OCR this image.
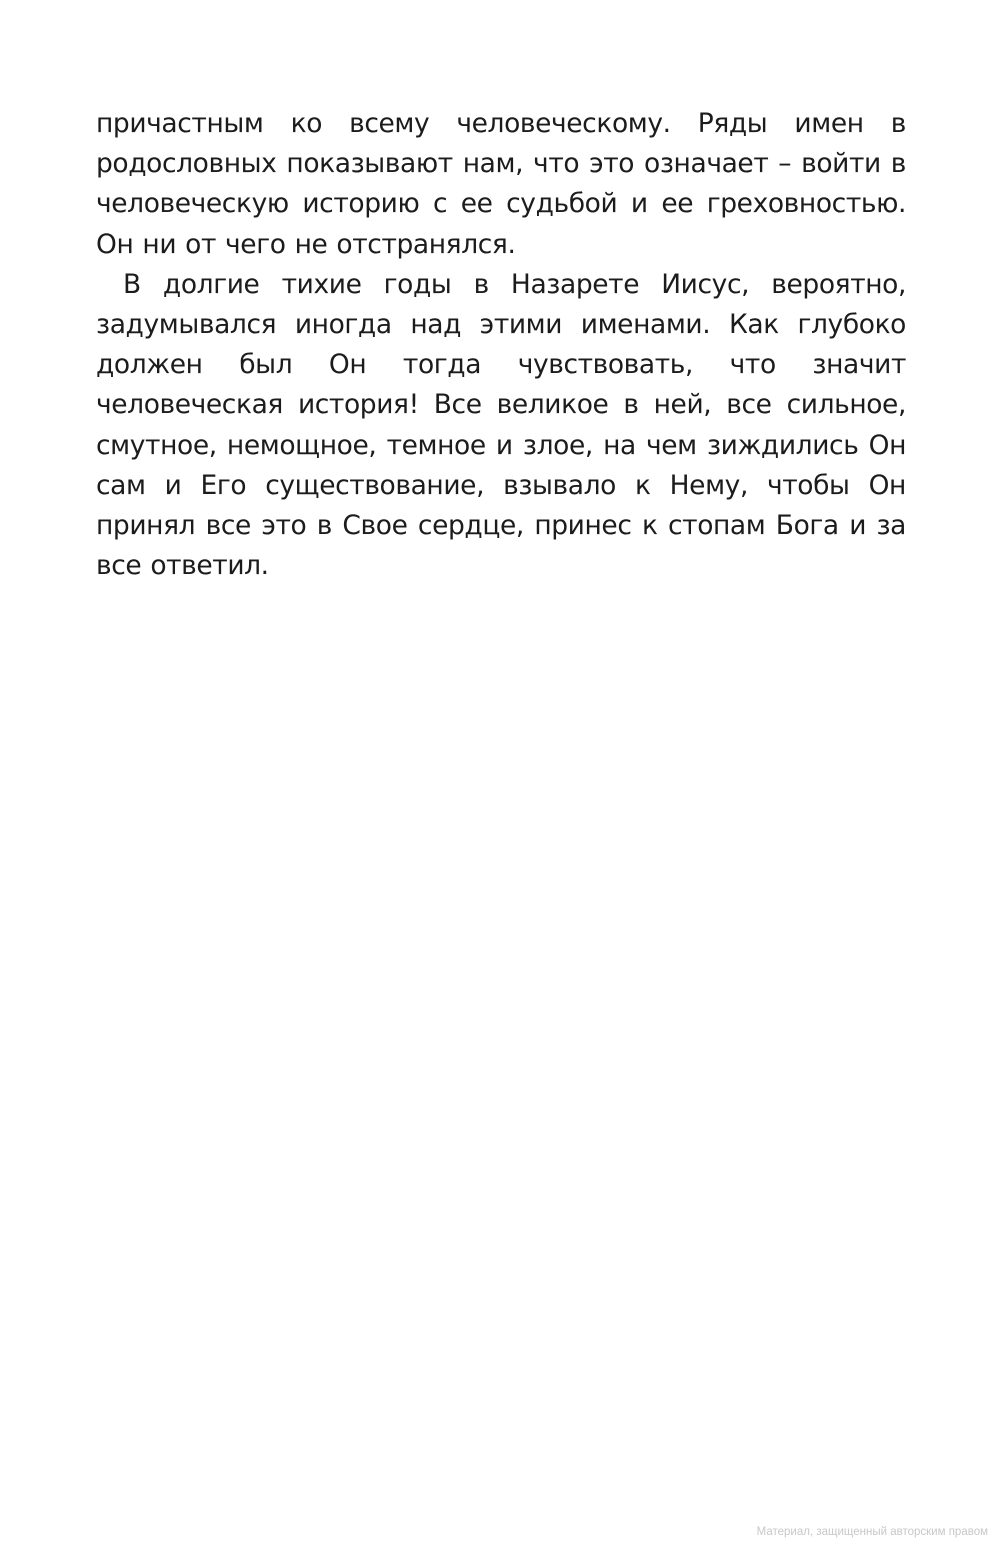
причастным ко всему человеческому. Ряды имен в родословных показывают нам, что это означает – войти в человеческую историю с ее судьбой и ее греховностью. Он ни от чего не отстранялся.

В долгие тихие годы в Назарете Иисус, вероятно, задумывался иногда над этими именами. Как глубоко должен был Он тогда чувствовать, что значит человеческая история! Все великое в ней, все сильное, смутное, немощное, темное и злое, на чем зиждились Он сам и Его существование, взывало к Нему, чтобы Он принял все это в Свое сердце, принес к стопам Бога и за все ответил.

Материал, защищенный авторским правом
